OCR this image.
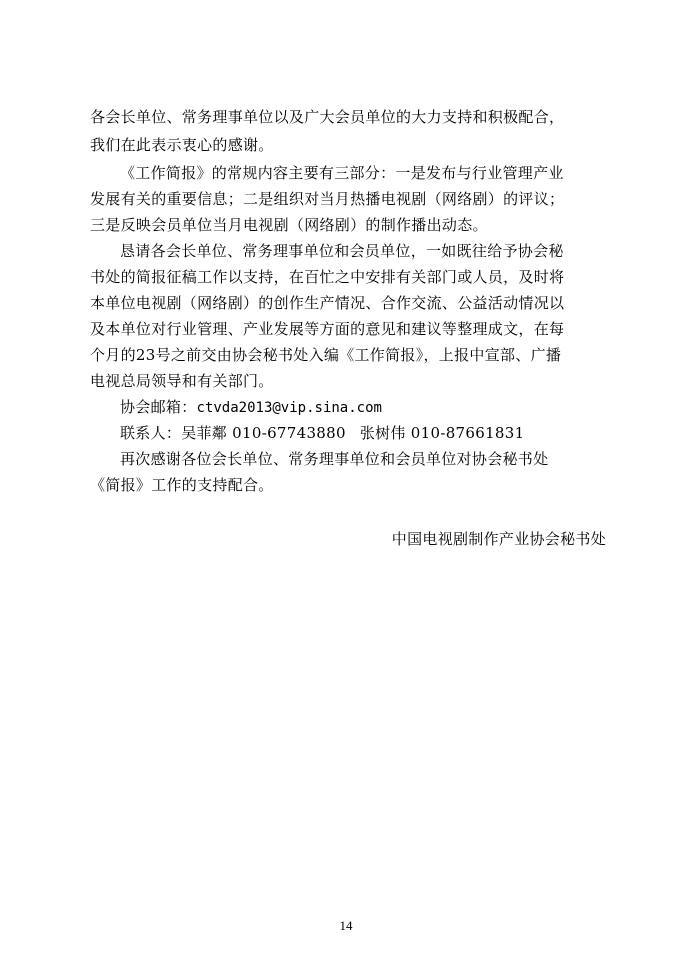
各会长单位、常务理事单位以及广大会员单位的大力支持和积极配合，
我们在此表示衷心的感谢。
《工作简报》的常规内容主要有三部分：一是发布与行业管理产业
发展有关的重要信息；二是组织对当月热播电视剧（网络剧）的评议；
三是反映会员单位当月电视剧（网络剧）的制作播出动态。
恳请各会长单位、常务理事单位和会员单位，一如既往给予协会秘
书处的简报征稿工作以支持，在百忙之中安排有关部门或人员，及时将
本单位电视剧（网络剧）的创作生产情况、合作交流、公益活动情况以
及本单位对行业管理、产业发展等方面的意见和建议等整理成文，在每
个月的23号之前交由协会秘书处入编《工作简报》，上报中宣部、广播
电视总局领导和有关部门。
协会邮箱：ctvda2013@vip.sina.com
联系人：吴菲鄰 010-67743880 张树伟 010-87661831
再次感谢各位会长单位、常务理事单位和会员单位对协会秘书处
《简报》工作的支持配合。
中国电视剧制作产业协会秘书处
14
